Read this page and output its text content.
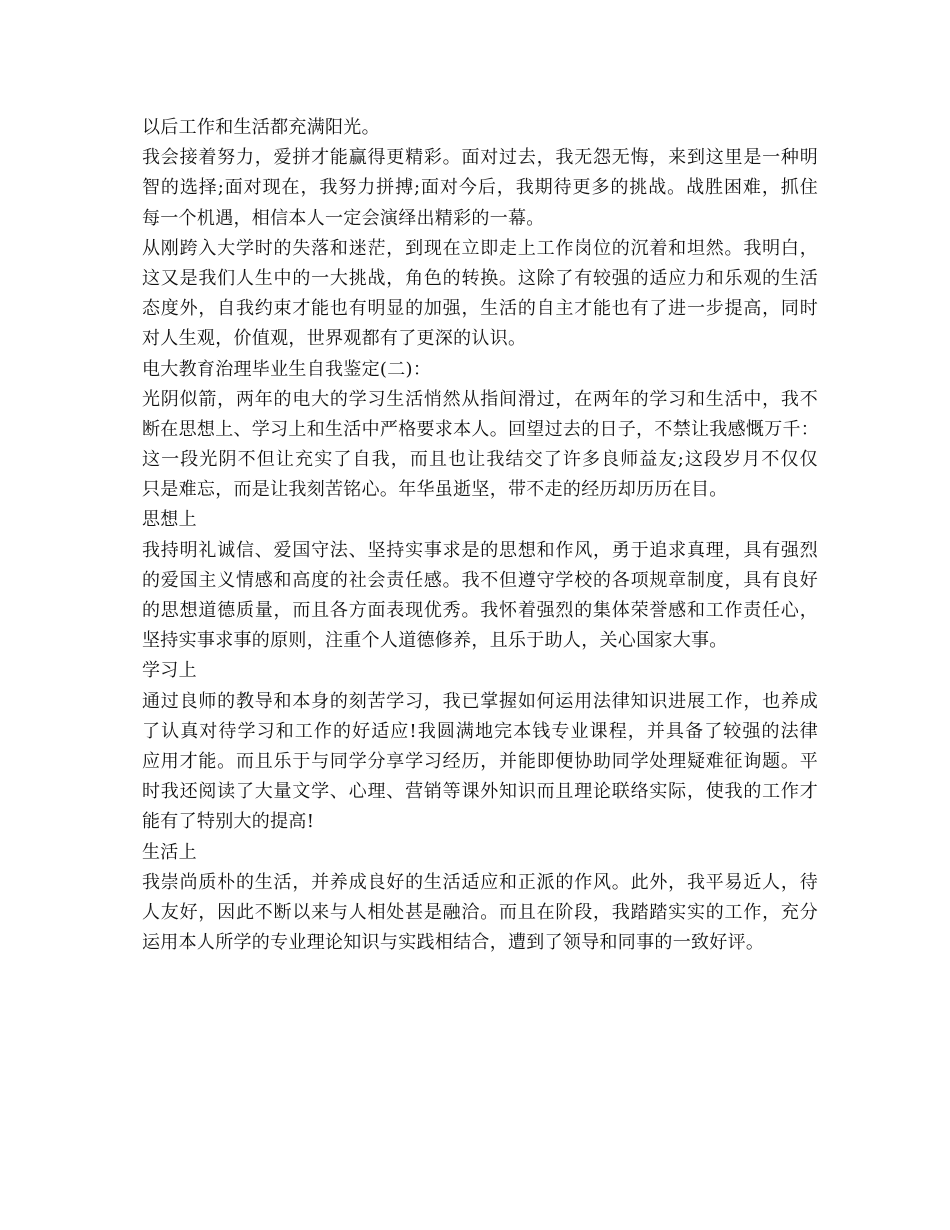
以后工作和生活都充满阳光。
我会接着努力，爱拼才能赢得更精彩。面对过去，我无怨无悔，来到这里是一种明
智的选择;面对现在，我努力拼搏;面对今后，我期待更多的挑战。战胜困难，抓住
每一个机遇，相信本人一定会演绎出精彩的一幕。
从刚跨入大学时的失落和迷茫，到现在立即走上工作岗位的沉着和坦然。我明白，
这又是我们人生中的一大挑战，角色的转换。这除了有较强的适应力和乐观的生活
态度外，自我约束才能也有明显的加强，生活的自主才能也有了进一步提高，同时
对人生观，价值观，世界观都有了更深的认识。
电大教育治理毕业生自我鉴定(二)：
光阴似箭，两年的电大的学习生活悄然从指间滑过，在两年的学习和生活中，我不
断在思想上、学习上和生活中严格要求本人。回望过去的日子，不禁让我感慨万千：
这一段光阴不但让充实了自我，而且也让我结交了许多良师益友;这段岁月不仅仅
只是难忘，而是让我刻苦铭心。年华虽逝坚，带不走的经历却历历在目。
思想上
我持明礼诚信、爱国守法、坚持实事求是的思想和作风，勇于追求真理，具有强烈
的爱国主义情感和高度的社会责任感。我不但遵守学校的各项规章制度，具有良好
的思想道德质量，而且各方面表现优秀。我怀着强烈的集体荣誉感和工作责任心，
坚持实事求事的原则，注重个人道德修养，且乐于助人，关心国家大事。
学习上
通过良师的教导和本身的刻苦学习，我已掌握如何运用法律知识进展工作，也养成
了认真对待学习和工作的好适应!我圆满地完本钱专业课程，并具备了较强的法律
应用才能。而且乐于与同学分享学习经历，并能即便协助同学处理疑难征询题。平
时我还阅读了大量文学、心理、营销等课外知识而且理论联络实际，使我的工作才
能有了特别大的提高!
生活上
我崇尚质朴的生活，并养成良好的生活适应和正派的作风。此外，我平易近人，待
人友好，因此不断以来与人相处甚是融洽。而且在阶段，我踏踏实实的工作，充分
运用本人所学的专业理论知识与实践相结合，遭到了领导和同事的一致好评。
